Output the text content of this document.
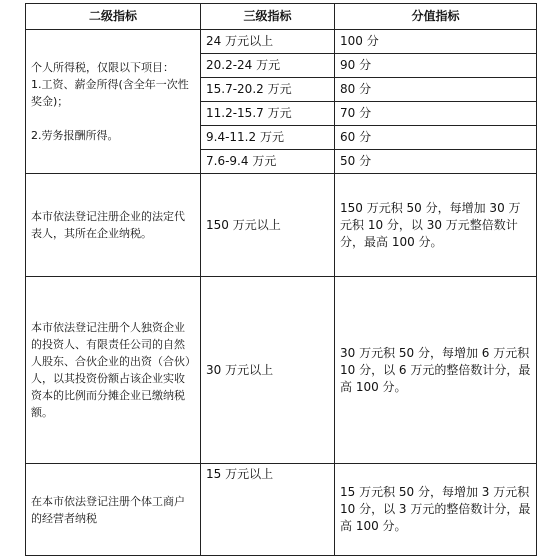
二级指标	三级指标	分值指标
个人所得税，仅限以下项目：
1.工资、薪金所得(含全年一次性奖金)；
2.劳务报酬所得。	24 万元以上	100 分
	20.2-24 万元	90 分
	15.7-20.2 万元	80 分
	11.2-15.7 万元	70 分
	9.4-11.2 万元	60 分
	7.6-9.4 万元	50 分
本市依法登记注册企业的法定代表人，其所在企业纳税。	150 万元以上	150 万元积 50 分，每增加 30 万元积 10 分，以 30 万元整倍数计分，最高 100 分。
本市依法登记注册个人独资企业的投资人、有限责任公司的自然人股东、合伙企业的出资（合伙）人，以其投资份额占该企业实收资本的比例而分摊企业已缴纳税额。	30 万元以上	30 万元积 50 分，每增加 6 万元积 10 分，以 6 万元的整倍数计分，最高 100 分。
在本市依法登记注册个体工商户的经营者纳税	15 万元以上	15 万元积 50 分，每增加 3 万元积 10 分，以 3 万元的整倍数计分，最高 100 分。
